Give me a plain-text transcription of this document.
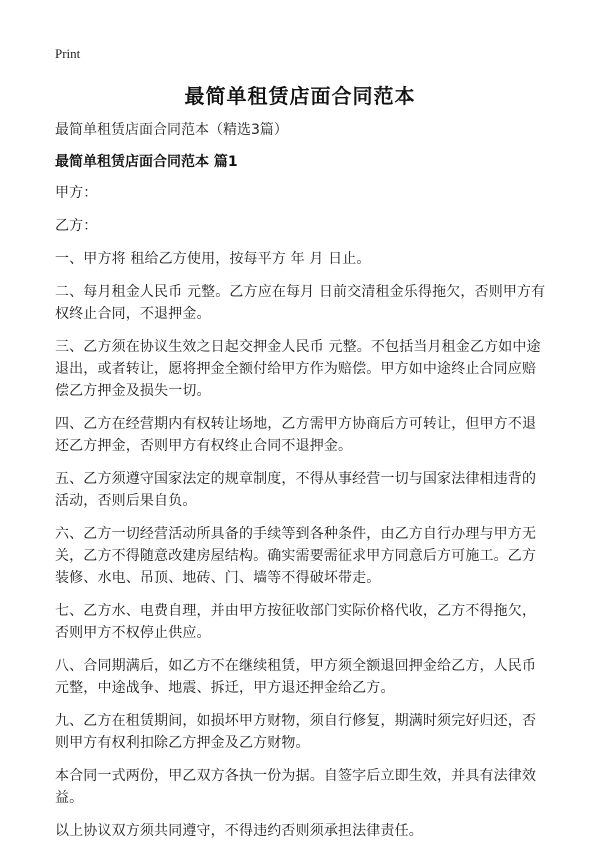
Print
最简单租赁店面合同范本
最简单租赁店面合同范本（精选3篇）
最简单租赁店面合同范本 篇1

甲方：

乙方：

一、甲方将 租给乙方使用，按每平方 年 月 日止。

二、每月租金人民币 元整。乙方应在每月 日前交清租金乐得拖欠，否则甲方有权终止合同，不退押金。

三、乙方须在协议生效之日起交押金人民币 元整。不包括当月租金乙方如中途退出，或者转让，愿将押金全额付给甲方作为赔偿。甲方如中途终止合同应赔偿乙方押金及损失一切。

四、乙方在经营期内有权转让场地，乙方需甲方协商后方可转让，但甲方不退还乙方押金，否则甲方有权终止合同不退押金。

五、乙方须遵守国家法定的规章制度，不得从事经营一切与国家法律相违背的活动，否则后果自负。

六、乙方一切经营活动所具备的手续等到各种条件，由乙方自行办理与甲方无关，乙方不得随意改建房屋结构。确实需要需征求甲方同意后方可施工。乙方装修、水电、吊顶、地砖、门、墙等不得破坏带走。

七、乙方水、电费自理，并由甲方按征收部门实际价格代收，乙方不得拖欠，否则甲方不权停止供应。

八、合同期满后，如乙方不在继续租赁，甲方须全额退回押金给乙方，人民币 元整，中途战争、地震、拆迁，甲方退还押金给乙方。

九、乙方在租赁期间，如损坏甲方财物，须自行修复，期满时须完好归还，否则甲方有权利扣除乙方押金及乙方财物。

本合同一式两份，甲乙双方各执一份为据。自签字后立即生效，并具有法律效益。

以上协议双方须共同遵守，不得违约否则须承担法律责任。
